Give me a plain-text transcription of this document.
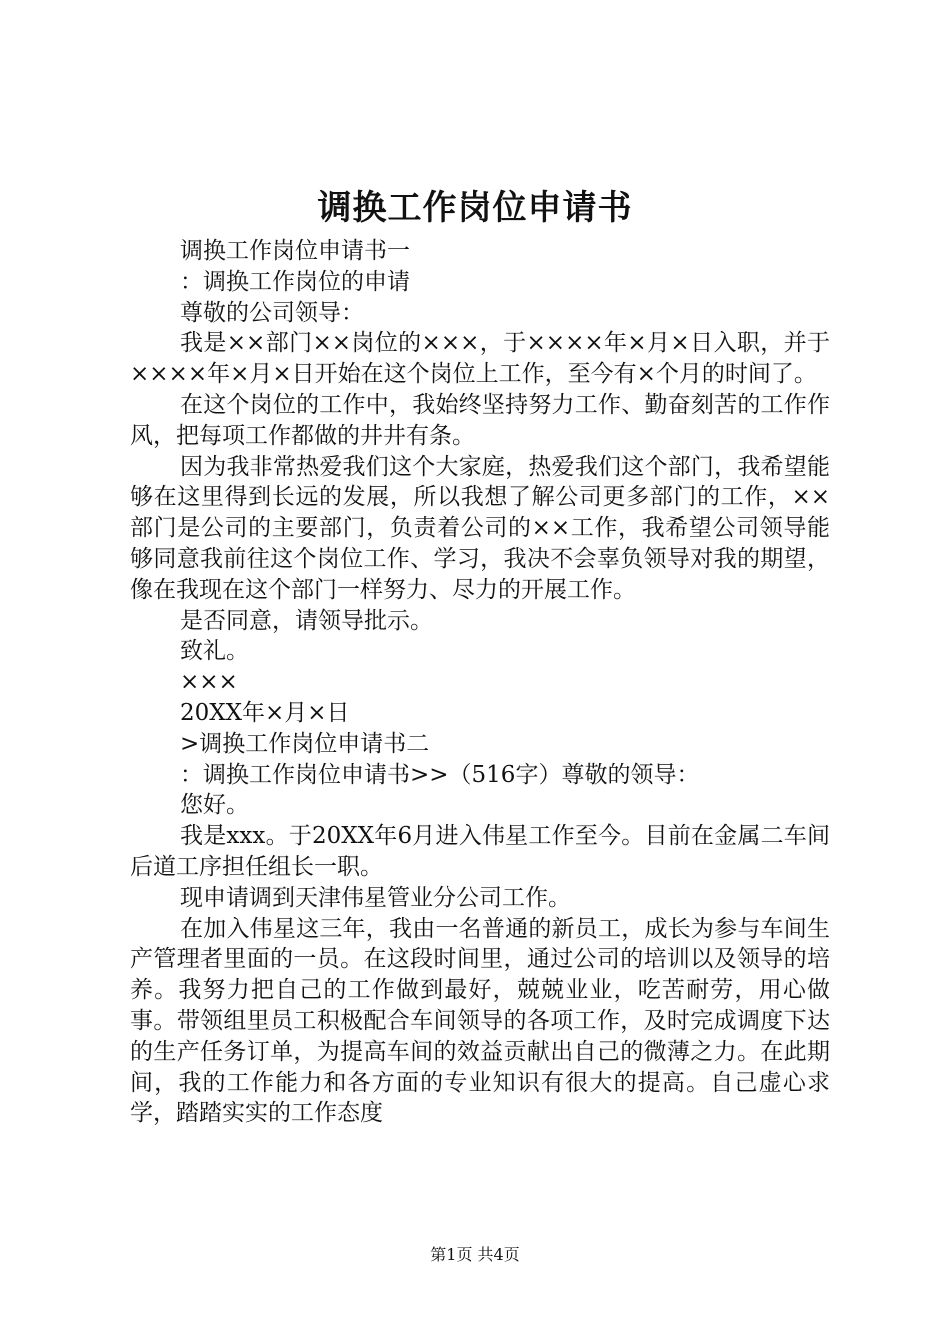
调换工作岗位申请书

调换工作岗位申请书一

：调换工作岗位的申请

尊敬的公司领导：

我是××部门××岗位的×××，于××××年×月×日入职，并于××××年×月×日开始在这个岗位上工作，至今有×个月的时间了。

在这个岗位的工作中，我始终坚持努力工作、勤奋刻苦的工作作风，把每项工作都做的井井有条。

因为我非常热爱我们这个大家庭，热爱我们这个部门，我希望能够在这里得到长远的发展，所以我想了解公司更多部门的工作，××部门是公司的主要部门，负责着公司的××工作，我希望公司领导能够同意我前往这个岗位工作、学习，我决不会辜负领导对我的期望，像在我现在这个部门一样努力、尽力的开展工作。

是否同意，请领导批示。

致礼。

×××

20XX年×月×日

>调换工作岗位申请书二

：调换工作岗位申请书>>（516字）尊敬的领导：

您好。

我是xxx。于20XX年6月进入伟星工作至今。目前在金属二车间后道工序担任组长一职。

现申请调到天津伟星管业分公司工作。

在加入伟星这三年，我由一名普通的新员工，成长为参与车间生产管理者里面的一员。在这段时间里，通过公司的培训以及领导的培养。我努力把自己的工作做到最好，兢兢业业，吃苦耐劳，用心做事。带领组里员工积极配合车间领导的各项工作，及时完成调度下达的生产任务订单，为提高车间的效益贡献出自己的微薄之力。在此期间，我的工作能力和各方面的专业知识有很大的提高。自己虚心求学，踏踏实实的工作态度

第1页 共4页
